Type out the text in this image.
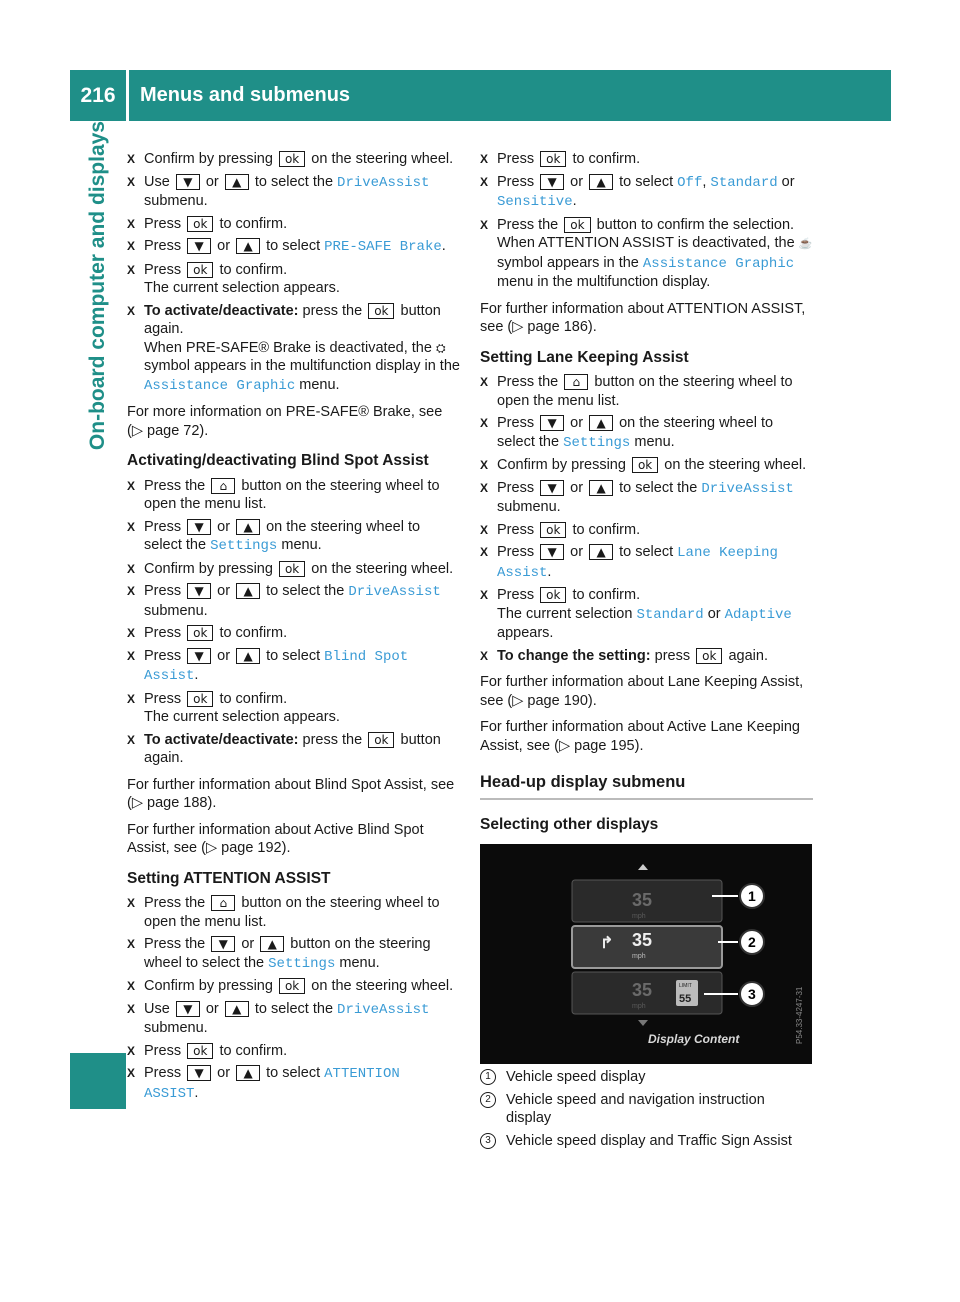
216	Menus and submenus
On-board computer and displays X Confirm by pressing ok on the steering wheel.
X Use ▼ or ▲ to select the DriveAssist submenu.
X Press ok to confirm.
X Press ▼ or ▲ to select PRE-SAFE Brake.
X Press ok to confirm.
The current selection appears.
X To activate/deactivate: press the ok button again.
When PRE-SAFE® Brake is deactivated, the ⛭ symbol appears in the multifunction display in the Assistance Graphic menu.
For more information on PRE-SAFE® Brake, see (▷ page 72).
Activating/deactivating Blind Spot Assist
X Press the ⌂ button on the steering wheel to open the menu list.
X Press ▼ or ▲ on the steering wheel to select the Settings menu.
X Confirm by pressing ok on the steering wheel.
X Press ▼ or ▲ to select the DriveAssist submenu.
X Press ok to confirm.
X Press ▼ or ▲ to select Blind Spot Assist.
X Press ok to confirm.
The current selection appears.
X To activate/deactivate: press the ok button again.
For further information about Blind Spot Assist, see (▷ page 188).
For further information about Active Blind Spot Assist, see (▷ page 192).
Setting ATTENTION ASSIST
X Press the ⌂ button on the steering wheel to open the menu list.
X Press the ▼ or ▲ button on the steering wheel to select the Settings menu.
X Confirm by pressing ok on the steering wheel.
X Use ▼ or ▲ to select the DriveAssist submenu.
X Press ok to confirm.
X Press ▼ or ▲ to select ATTENTION ASSIST.
X Press ok to confirm.
X Press ▼ or ▲ to select Off, Standard or Sensitive.
X Press the ok button to confirm the selection.
When ATTENTION ASSIST is deactivated, the ☕ symbol appears in the Assistance Graphic menu in the multifunction display.
For further information about ATTENTION ASSIST, see (▷ page 186).
Setting Lane Keeping Assist
X Press the ⌂ button on the steering wheel to open the menu list.
X Press ▼ or ▲ on the steering wheel to select the Settings menu.
X Confirm by pressing ok on the steering wheel.
X Press ▼ or ▲ to select the DriveAssist submenu.
X Press ok to confirm.
X Press ▼ or ▲ to select Lane Keeping Assist.
X Press ok to confirm.
The current selection Standard or Adaptive appears.
X To change the setting: press ok again.
For further information about Lane Keeping Assist, see (▷ page 190).
For further information about Active Lane Keeping Assist, see (▷ page 195).
Head-up display submenu
Selecting other displays
35
mph
↱ 35
mph
35
mph
LIMIT
55
Display Content
1
2
3	P54.33-4247-31
1	Vehicle speed display
2	Vehicle speed and navigation instruction display
3	Vehicle speed display and Traffic Sign Assist
